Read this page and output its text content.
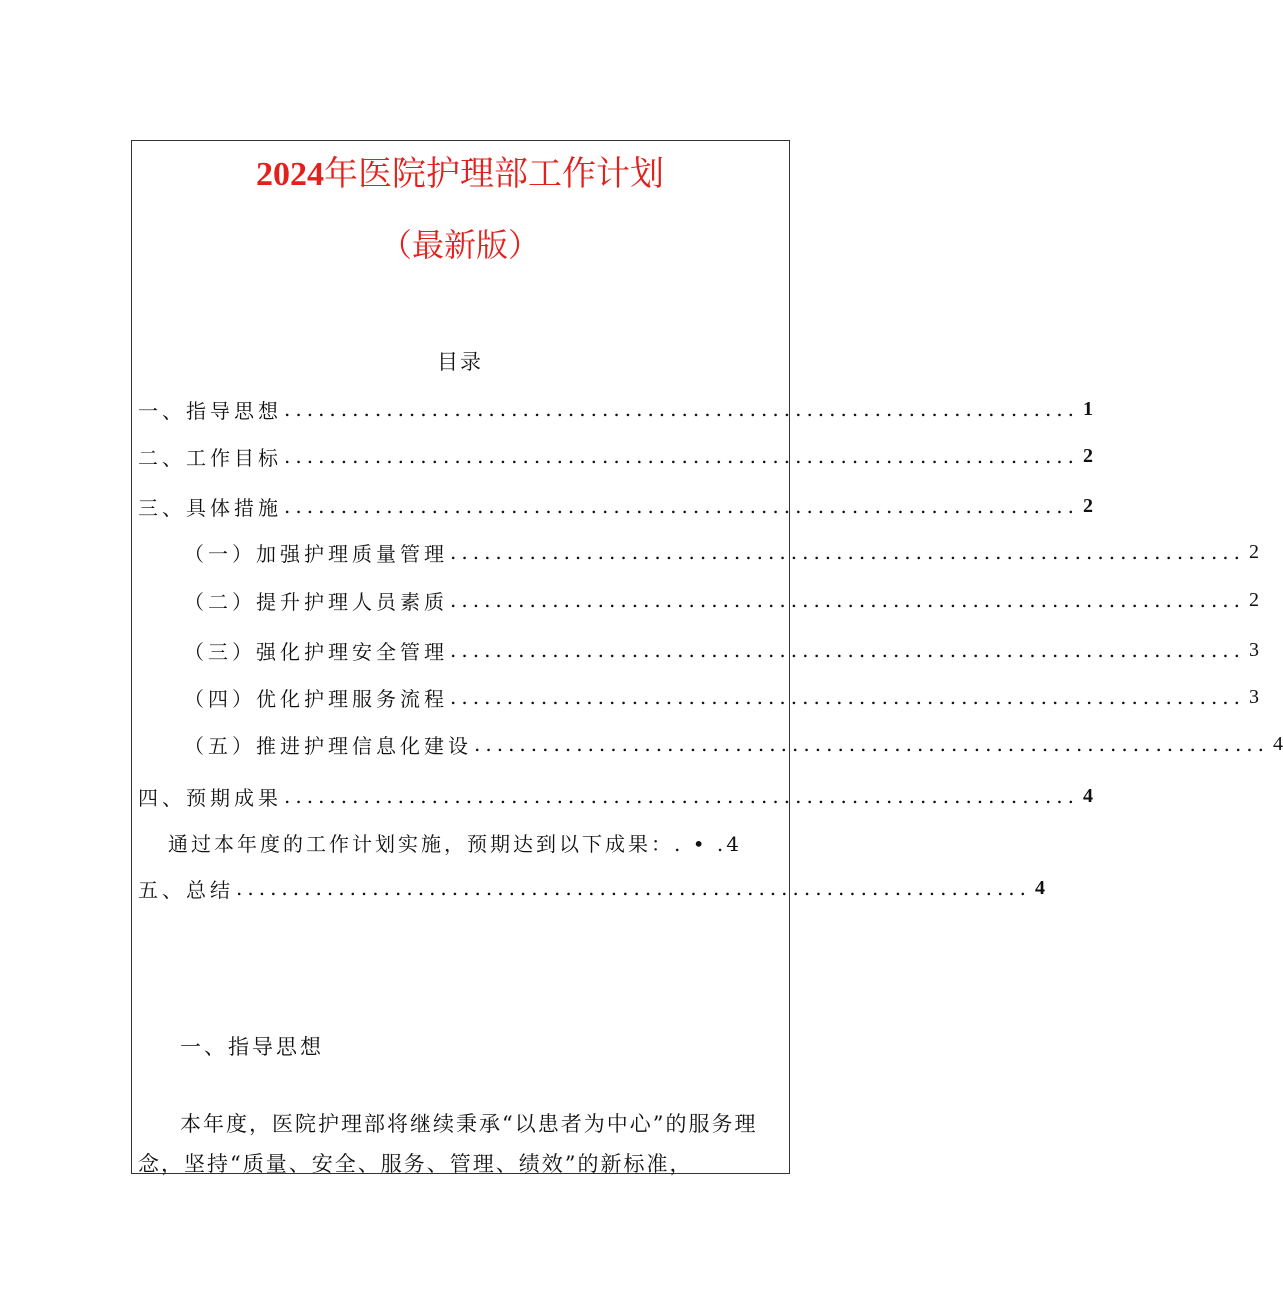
2024年医院护理部工作计划
（最新版）
目录
一、指导思想 ...................................................................... 1
二、工作目标 ...................................................................... 2
三、具体措施 ...................................................................... 2
（一）加强护理质量管理 ...................................................................... 2
（二）提升护理人员素质 ...................................................................... 2
（三）强化护理安全管理 ...................................................................... 3
（四）优化护理服务流程 ...................................................................... 3
（五）推进护理信息化建设 ...................................................................... 4
四、预期成果 ...................................................................... 4
通过本年度的工作计划实施，预期达到以下成果：. • .4
五、总结 ...................................................................... 4
一、指导思想

本年度，医院护理部将继续秉承“以患者为中心”的服务理念，坚持“质量、安全、服务、管理、绩效”的新标准，
